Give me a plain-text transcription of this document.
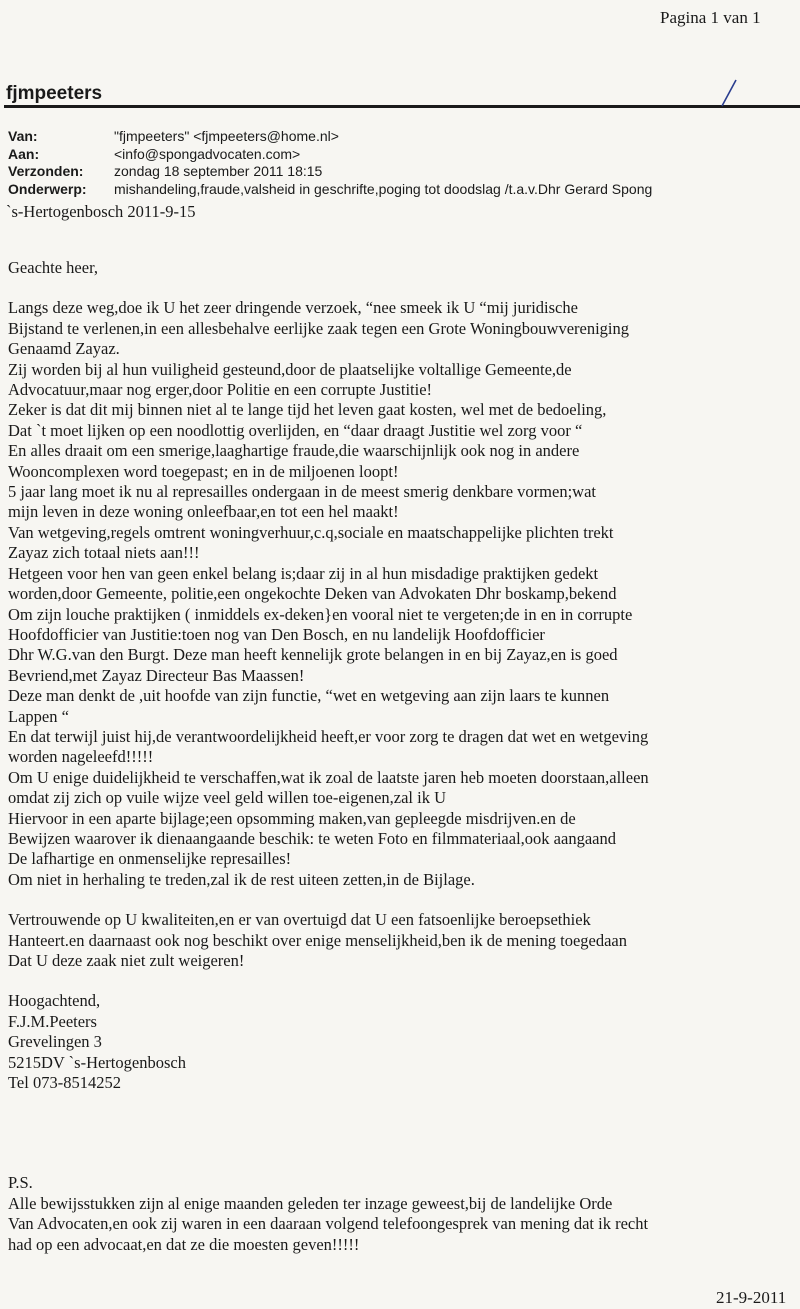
Pagina 1 van 1
fjmpeeters
Van:	"fjmpeeters" <fjmpeeters@home.nl>
Aan:	<info@spongadvocaten.com>
Verzonden:	zondag 18 september 2011 18:15
Onderwerp:	mishandeling,fraude,valsheid in geschrifte,poging tot doodslag /t.a.v.Dhr Gerard Spong
`s-Hertogenbosch 2011-9-15

Geachte heer,

Langs deze weg,doe ik U het zeer dringende verzoek, “nee smeek ik U “mij juridische

Bijstand te verlenen,in een allesbehalve eerlijke zaak tegen een Grote Woningbouwvereniging

Genaamd Zayaz.

Zij worden bij al hun vuiligheid gesteund,door de plaatselijke voltallige Gemeente,de

Advocatuur,maar nog erger,door Politie en een corrupte Justitie!

Zeker is dat dit mij binnen niet al te lange tijd het leven gaat kosten, wel met de bedoeling,

Dat `t moet lijken op een noodlottig overlijden, en “daar draagt Justitie wel zorg voor “

En alles draait om een smerige,laaghartige fraude,die waarschijnlijk ook nog in andere

Wooncomplexen word toegepast; en in de miljoenen loopt!

5 jaar lang moet ik nu al represailles ondergaan in de meest smerig denkbare vormen;wat

mijn leven in deze woning onleefbaar,en tot een hel maakt!

Van wetgeving,regels omtrent woningverhuur,c.q,sociale en maatschappelijke plichten trekt

Zayaz zich totaal niets aan!!!

Hetgeen voor hen van geen enkel belang is;daar zij in al hun misdadige praktijken gedekt

worden,door Gemeente, politie,een ongekochte Deken van Advokaten Dhr boskamp,bekend

Om zijn louche praktijken ( inmiddels ex-deken}en vooral niet te vergeten;de in en in corrupte

Hoofdofficier van Justitie:toen nog van Den Bosch, en nu landelijk Hoofdofficier

Dhr W.G.van den Burgt. Deze man heeft kennelijk grote belangen in en bij Zayaz,en is goed

Bevriend,met Zayaz Directeur Bas Maassen!

Deze man denkt de ,uit hoofde van zijn functie, “wet en wetgeving aan zijn laars te kunnen

Lappen “

En dat terwijl juist hij,de verantwoordelijkheid heeft,er voor zorg te dragen dat wet en wetgeving

worden nageleefd!!!!!

Om U enige duidelijkheid te verschaffen,wat ik zoal de laatste jaren heb moeten doorstaan,alleen

omdat zij zich op vuile wijze veel geld willen toe-eigenen,zal ik U

Hiervoor in een aparte bijlage;een opsomming maken,van gepleegde misdrijven.en de

Bewijzen waarover ik dienaangaande beschik: te weten Foto en filmmateriaal,ook aangaand

De lafhartige en onmenselijke represailles!

Om niet in herhaling te treden,zal ik de rest uiteen zetten,in de Bijlage.

Vertrouwende op U kwaliteiten,en er van overtuigd dat U een fatsoenlijke beroepsethiek

Hanteert.en daarnaast ook nog beschikt over enige menselijkheid,ben ik de mening toegedaan

Dat U deze zaak niet zult weigeren!

Hoogachtend,

F.J.M.Peeters

Grevelingen 3

5215DV `s-Hertogenbosch

Tel 073-8514252

P.S.

Alle bewijsstukken zijn al enige maanden geleden ter inzage geweest,bij de landelijke Orde

Van Advocaten,en ook zij waren in een daaraan volgend telefoongesprek van mening dat ik recht

had op een advocaat,en dat ze die moesten geven!!!!!

21-9-2011
